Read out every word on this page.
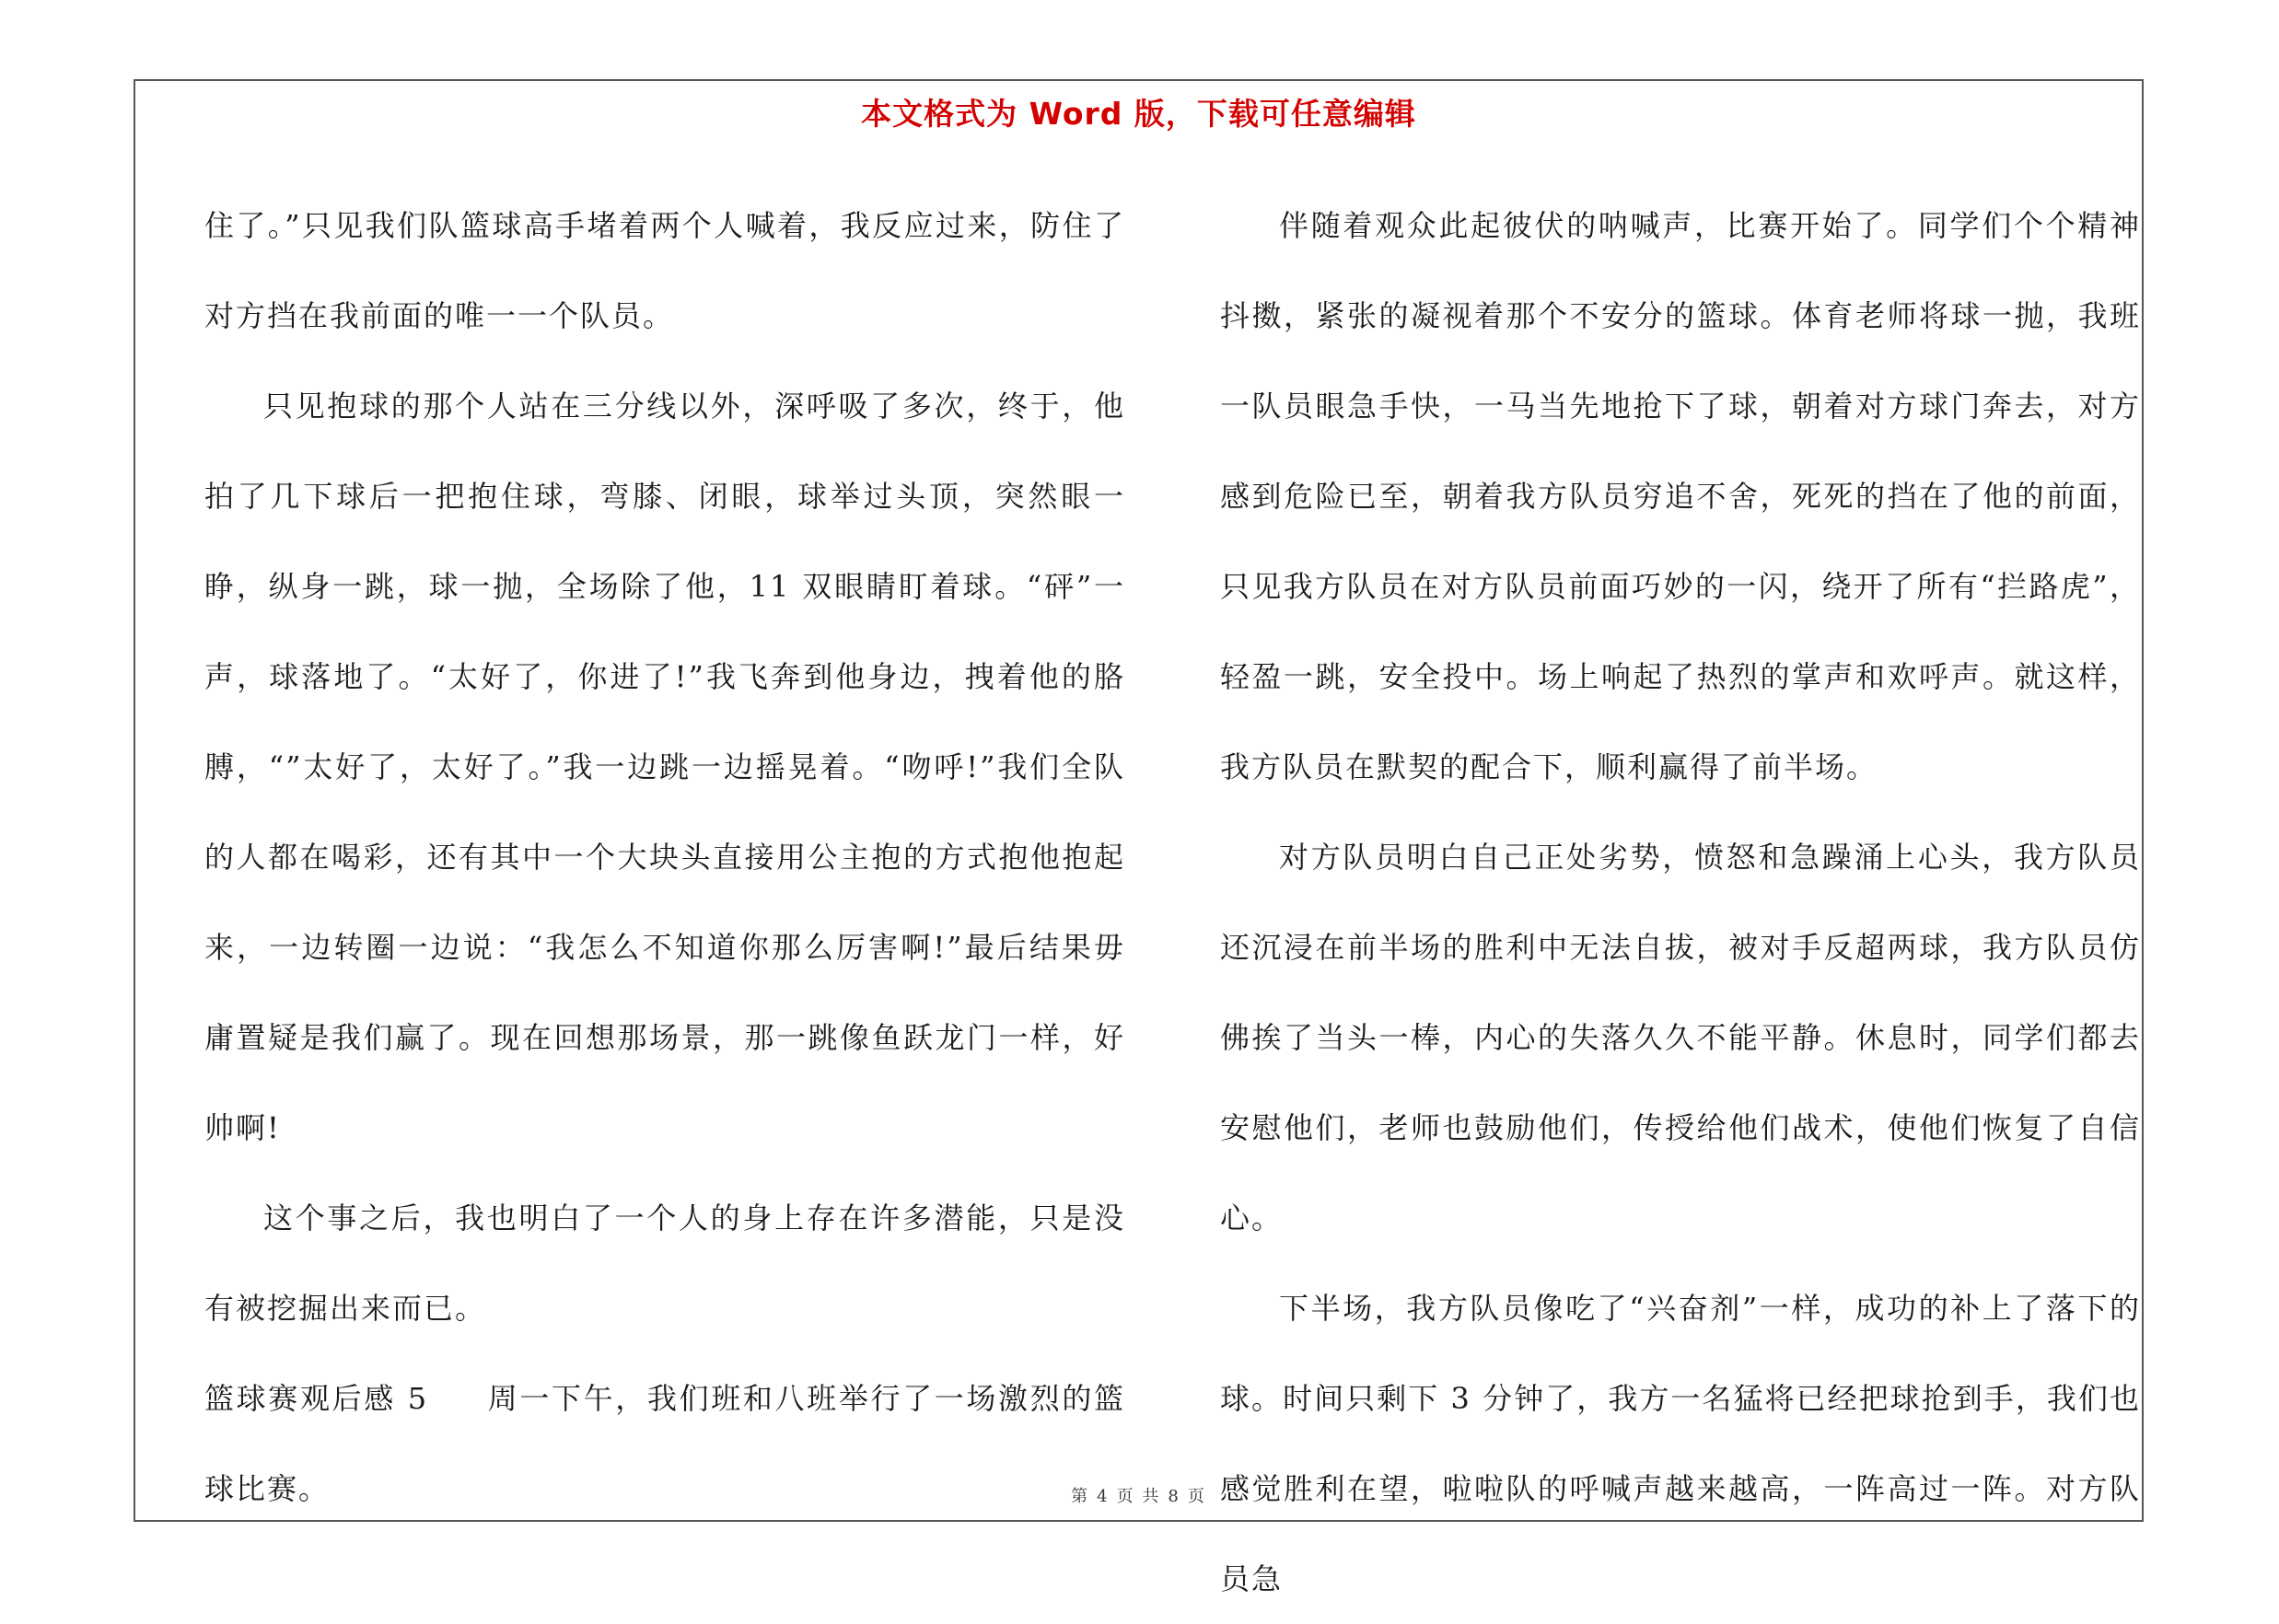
本文格式为 Word 版，下载可任意编辑

住了。”只见我们队篮球高手堵着两个人喊着，我反应过来，防住了对方挡在我前面的唯一一个队员。

只见抱球的那个人站在三分线以外，深呼吸了多次，终于，他拍了几下球后一把抱住球，弯膝、闭眼，球举过头顶，突然眼一睁，纵身一跳，球一抛，全场除了他，11 双眼睛盯着球。“砰”一声，球落地了。“太好了，你进了!”我飞奔到他身边，拽着他的胳膊，“”太好了，太好了。”我一边跳一边摇晃着。“吻呼!”我们全队的人都在喝彩，还有其中一个大块头直接用公主抱的方式抱他抱起来，一边转圈一边说：“我怎么不知道你那么厉害啊!”最后结果毋庸置疑是我们赢了。现在回想那场景，那一跳像鱼跃龙门一样，好帅啊!

这个事之后，我也明白了一个人的身上存在许多潜能，只是没有被挖掘出来而已。

篮球赛观后感 5 周一下午，我们班和八班举行了一场激烈的篮球比赛。

伴随着观众此起彼伏的呐喊声，比赛开始了。同学们个个精神抖擞，紧张的凝视着那个不安分的篮球。体育老师将球一抛，我班一队员眼急手快，一马当先地抢下了球，朝着对方球门奔去，对方感到危险已至，朝着我方队员穷追不舍，死死的挡在了他的前面，只见我方队员在对方队员前面巧妙的一闪，绕开了所有“拦路虎”，轻盈一跳，安全投中。场上响起了热烈的掌声和欢呼声。就这样，我方队员在默契的配合下，顺利赢得了前半场。

对方队员明白自己正处劣势，愤怒和急躁涌上心头，我方队员还沉浸在前半场的胜利中无法自拔，被对手反超两球，我方队员仿佛挨了当头一棒，内心的失落久久不能平静。休息时，同学们都去安慰他们，老师也鼓励他们，传授给他们战术，使他们恢复了自信心。

下半场，我方队员像吃了“兴奋剂”一样，成功的补上了落下的球。时间只剩下 3 分钟了，我方一名猛将已经把球抢到手，我们也感觉胜利在望，啦啦队的呼喊声越来越高，一阵高过一阵。对方队员急

第 4 页 共 8 页
